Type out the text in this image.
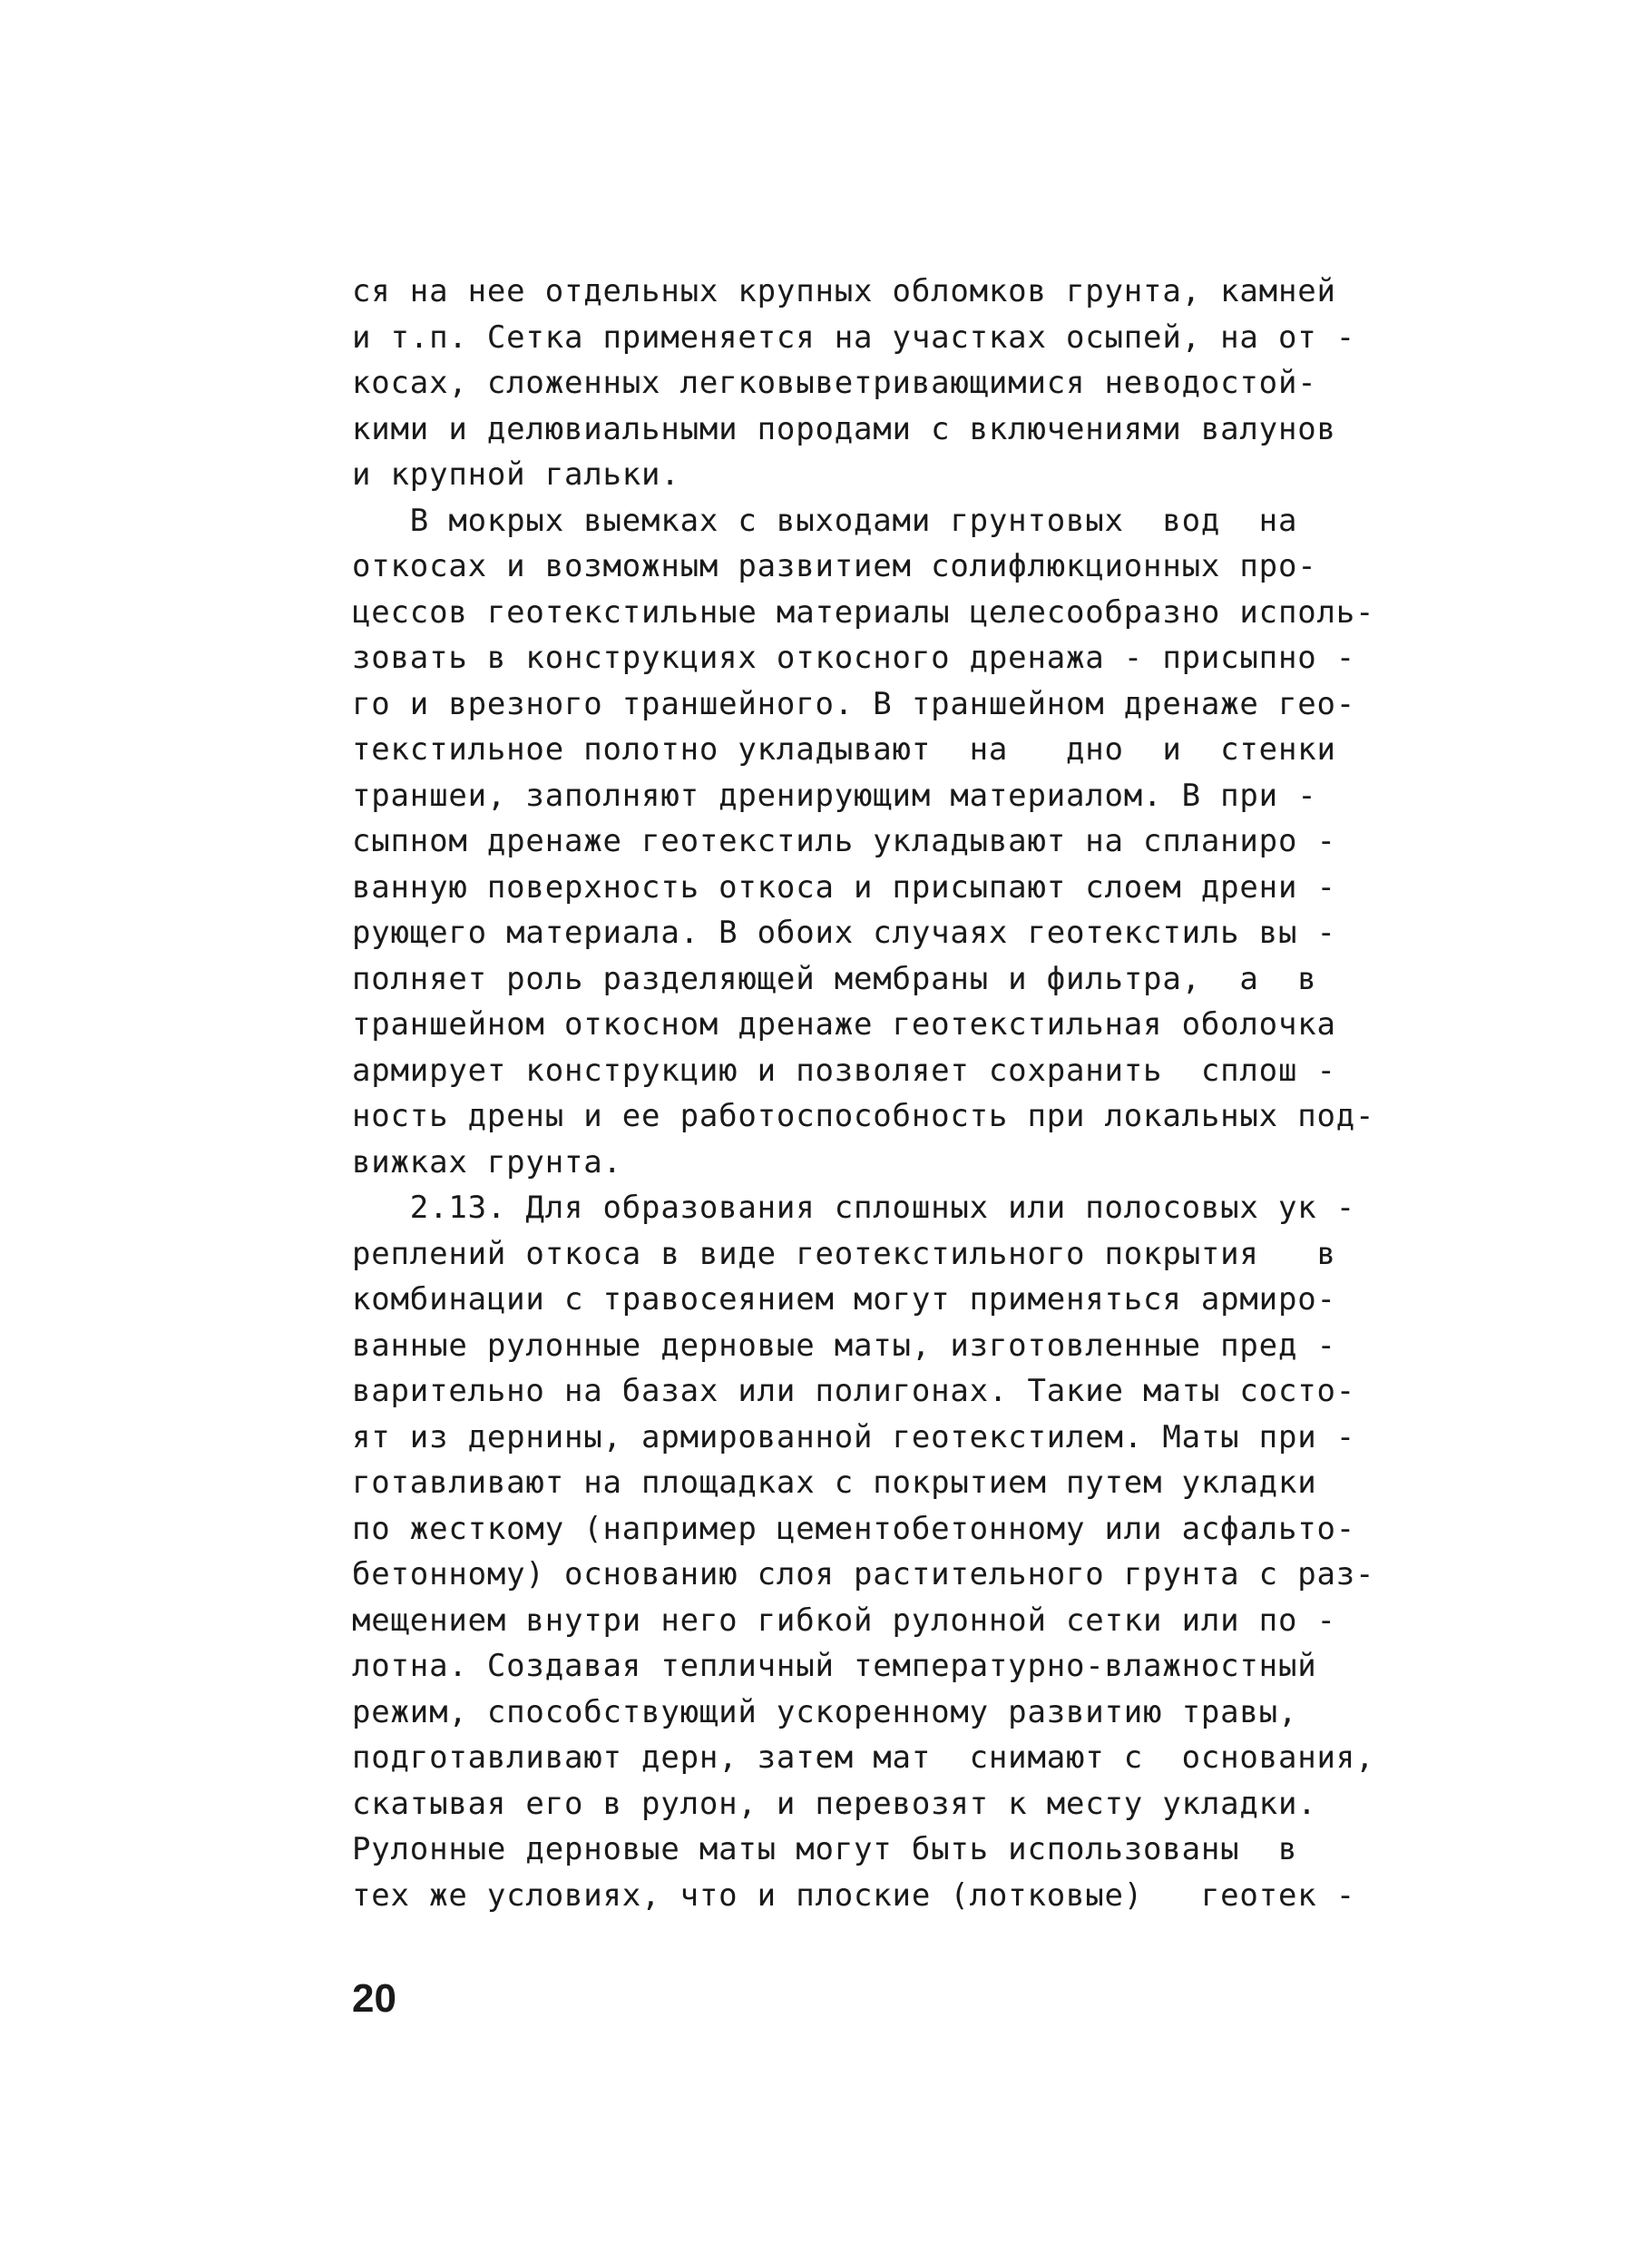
ся на нее отдельных крупных обломков грунта, камней
и т.п. Сетка применяется на участках осыпей, на от -
косах, сложенных легковыветривающимися неводостой-
кими и делювиальными породами с включениями валунов
и крупной гальки.
В мокрых выемках с выходами грунтовых  вод  на
откосах и возможным развитием солифлюкционных про-
цессов геотекстильные материалы целесообразно исполь-
зовать в конструкциях откосного дренажа - присыпно -
го и врезного траншейного. В траншейном дренаже гео-
текстильное полотно укладывают  на   дно  и  стенки
траншеи, заполняют дренирующим материалом. В при -
сыпном дренаже геотекстиль укладывают на спланиро -
ванную поверхность откоса и присыпают слоем дрени -
рующего материала. В обоих случаях геотекстиль вы -
полняет роль разделяющей мембраны и фильтра,  а  в
траншейном откосном дренаже геотекстильная оболочка
армирует конструкцию и позволяет сохранить  сплош -
ность дрены и ее работоспособность при локальных под-
вижках грунта.
2.13. Для образования сплошных или полосовых ук -
реплений откоса в виде геотекстильного покрытия   в
комбинации с травосеянием могут применяться армиро-
ванные рулонные дерновые маты, изготовленные пред -
варительно на базах или полигонах. Такие маты состо-
ят из дернины, армированной геотекстилем. Маты при -
готавливают на площадках с покрытием путем укладки
по жесткому (например цементобетонному или асфальто-
бетонному) основанию слоя растительного грунта с раз-
мещением внутри него гибкой рулонной сетки или по -
лотна. Создавая тепличный температурно-влажностный
режим, способствующий ускоренному развитию травы,
подготавливают дерн, затем мат  снимают с  основания,
скатывая его в рулон, и перевозят к месту укладки.
Рулонные дерновые маты могут быть использованы  в
тех же условиях, что и плоские (лотковые)   геотек -
20
